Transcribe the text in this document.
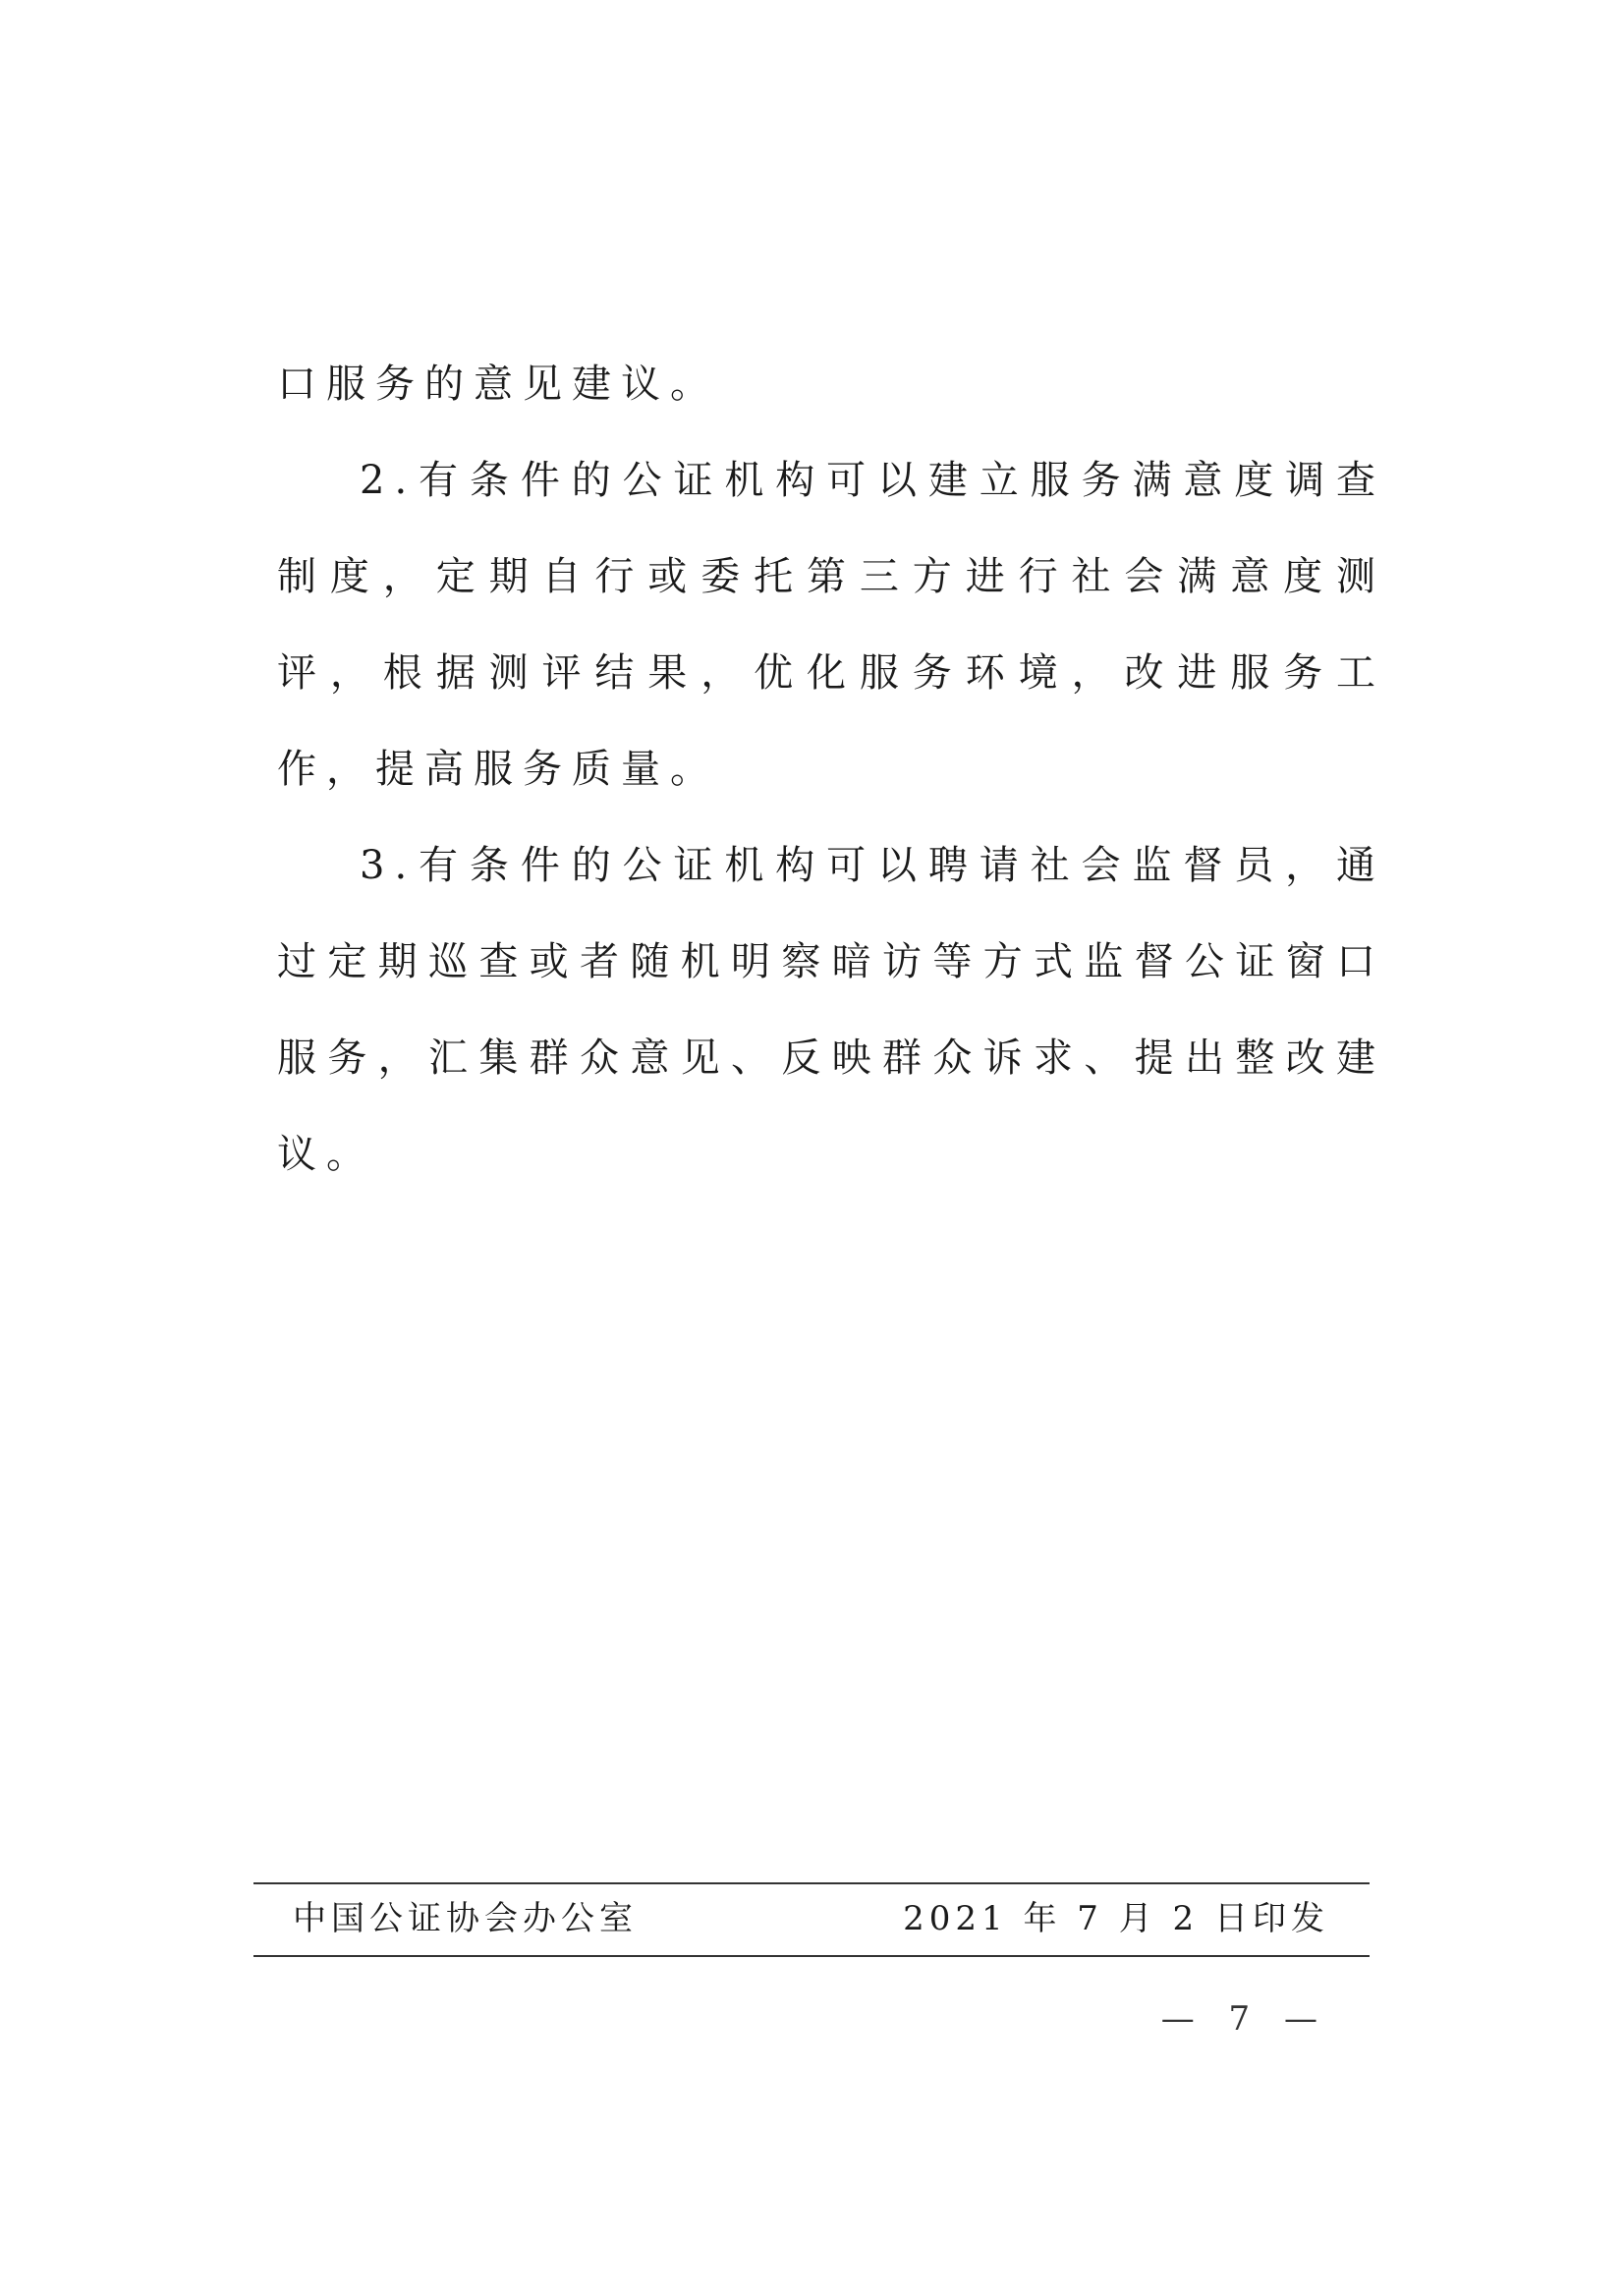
口服务的意见建议。

2.有条件的公证机构可以建立服务满意度调查制度，定期自行或委托第三方进行社会满意度测评，根据测评结果，优化服务环境，改进服务工作，提高服务质量。

3.有条件的公证机构可以聘请社会监督员，通过定期巡查或者随机明察暗访等方式监督公证窗口服务，汇集群众意见、反映群众诉求、提出整改建议。

中国公证协会办公室	2021 年 7 月 2 日印发
— 7 —
